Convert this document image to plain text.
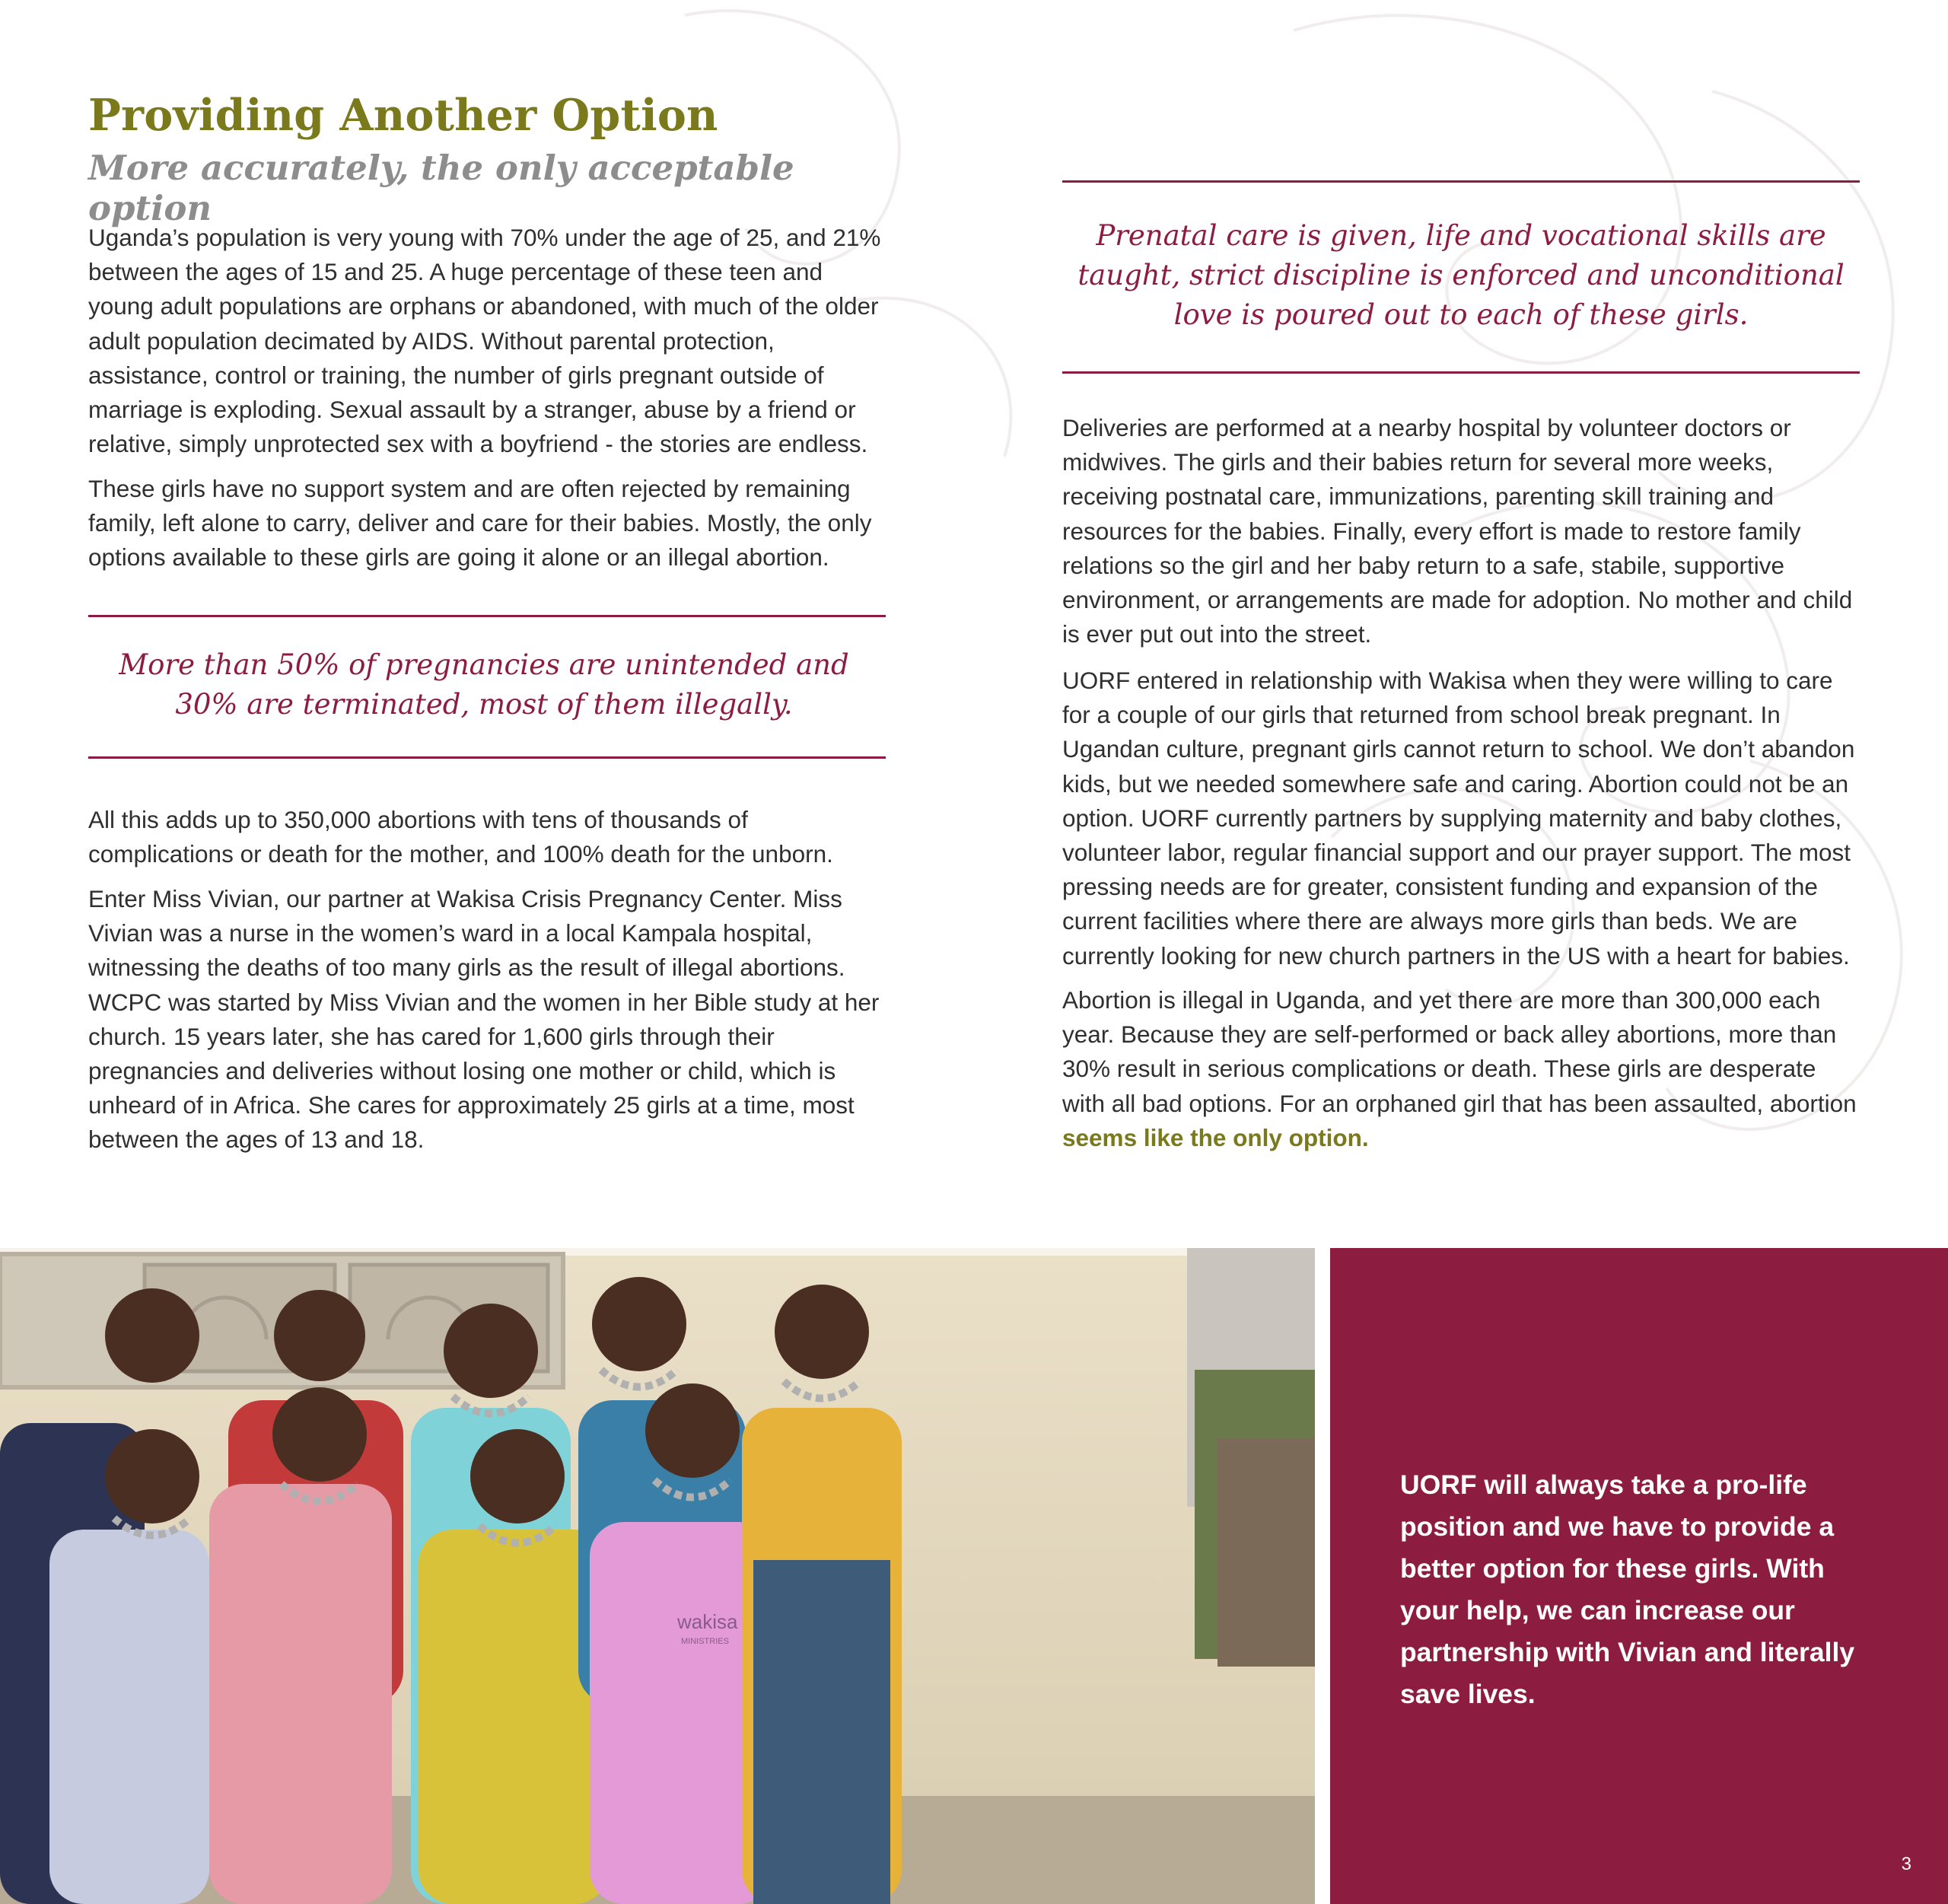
Providing Another Option
More accurately, the only acceptable option

Uganda’s population is very young with 70% under the age of 25, and 21% between the ages of 15 and 25. A huge percentage of these teen and young adult populations are orphans or abandoned, with much of the older adult population decimated by AIDS. Without parental protection, assistance, control or training, the number of girls pregnant outside of marriage is exploding. Sexual assault by a stranger, abuse by a friend or relative, simply unprotected sex with a boyfriend - the stories are endless.

These girls have no support system and are often rejected by remaining family, left alone to carry, deliver and care for their babies. Mostly, the only options available to these girls are going it alone or an illegal abortion.

More than 50% of pregnancies are unintended and 30% are terminated, most of them illegally.

All this adds up to 350,000 abortions with tens of thousands of complications or death for the mother, and 100% death for the unborn.

Enter Miss Vivian, our partner at Wakisa Crisis Pregnancy Center. Miss Vivian was a nurse in the women’s ward in a local Kampala hospital, witnessing the deaths of too many girls as the result of illegal abortions. WCPC was started by Miss Vivian and the women in her Bible study at her church. 15 years later, she has cared for 1,600 girls through their pregnancies and deliveries without losing one mother or child, which is unheard of in Africa. She cares for approximately 25 girls at a time, most between the ages of 13 and 18.

Prenatal care is given, life and vocational skills are taught, strict discipline is enforced and unconditional love is poured out to each of these girls.

Deliveries are performed at a nearby hospital by volunteer doctors or midwives. The girls and their babies return for several more weeks, receiving postnatal care, immunizations, parenting skill training and resources for the babies. Finally, every effort is made to restore family relations so the girl and her baby return to a safe, stabile, supportive environment, or arrangements are made for adoption. No mother and child is ever put out into the street.

UORF entered in relationship with Wakisa when they were willing to care for a couple of our girls that returned from school break pregnant. In Ugandan culture, pregnant girls cannot return to school. We don’t abandon kids, but we needed somewhere safe and caring. Abortion could not be an option. UORF currently partners by supplying maternity and baby clothes, volunteer labor, regular financial support and our prayer support. The most pressing needs are for greater, consistent funding and expansion of the current facilities where there are always more girls than beds. We are currently looking for new church partners in the US with a heart for babies.

Abortion is illegal in Uganda, and yet there are more than 300,000 each year. Because they are self-performed or back alley abortions, more than 30% result in serious complications or death. These girls are desperate with all bad options. For an orphaned girl that has been assaulted, abortion seems like the only option.

wakisa
MINISTRIES

UORF will always take a pro-life position and we have to provide a better option for these girls. With your help, we can increase our partnership with Vivian and literally save lives.

3
